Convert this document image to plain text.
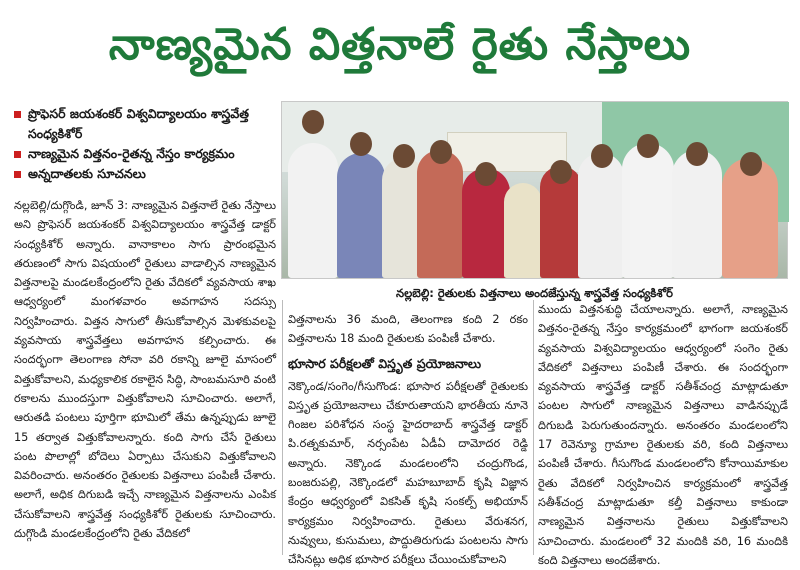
నాణ్యమైన విత్తనాలే రైతు నేస్తాలు
ప్రొఫెసర్ జయశంకర్ విశ్వవిద్యాలయం శాస్త్రవేత్త సంధ్యకిశోర్
నాణ్యమైన విత్తనం-రైతన్న నేస్తం కార్యక్రమం
అన్నదాతలకు సూచనలు

నల్లబెల్లి/దుగ్గొండి, జూన్ 3: నాణ్యమైన విత్తనాలే రైతు నేస్తాలు అని ప్రొఫెసర్ జయశంకర్ విశ్వవిద్యాలయం శాస్త్రవేత్త డాక్టర్ సంధ్యకిశోర్ అన్నారు. వానాకాలం సాగు ప్రారంభమైన తరుణంలో సాగు విషయంలో రైతులు వాడాల్సిన నాణ్యమైన విత్తనాలపై మండలకేంద్రంలోని రైతు వేదికలో వ్యవసాయ శాఖ ఆధ్వర్యంలో మంగళవారం అవగాహన సదస్సు నిర్వహించారు. విత్తన సాగులో తీసుకోవాల్సిన మెళకువలపై వ్యవసాయ శాస్త్రవేత్తలు అవగాహన కల్పించారు. ఈ సందర్భంగా తెలంగాణ సోనా వరి రకాన్ని జూలై మాసంలో విత్తుకోవాలని, మధ్యకాలిక రకాలైన సిద్ధి, సాంబమసూరి వంటి రకాలను ముందస్తుగా విత్తుకోవాలని సూచించారు. అలాగే, ఆరుతడి పంటలు పూర్తిగా భూమిలో తేమ ఉన్నప్పుడు జూలై 15 తర్వాత విత్తుకోవాలన్నారు. కంది సాగు చేసే రైతులు పంట పొలాల్లో బోదెలు ఏర్పాటు చేసుకుని విత్తుకోవాలని వివరించారు. అనంతరం రైతులకు విత్తనాలు పంపిణీ చేశారు. అలాగే, అధిక దిగుబడి ఇచ్చే నాణ్యమైన విత్తనాలను ఎంపిక చేసుకోవాలని శాస్త్రవేత్త సంధ్యకిశోర్ రైతులకు సూచించారు. దుగ్గొండి మండలకేంద్రంలోని రైతు వేదికలో

నల్లబెల్లి: రైతులకు విత్తనాలు అందజేస్తున్న శాస్త్రవేత్త సంధ్యకిశోర్

విత్తనాలను 36 మంది, తెలంగాణ కంది 2 రకం విత్తనాలను 18 మంది రైతులకు పంపిణీ చేశారు.

భూసార పరీక్షలతో విస్తృత ప్రయోజనాలు

నెక్కొండ/సంగెం/గీసుగొండ: భూసార పరీక్షలతో రైతులకు విస్తృత ప్రయోజనాలు చేకూరుతాయని భారతీయ నూనె గింజల పరిశోధన సంస్థ హైదరాబాద్ శాస్త్రవేత్త డాక్టర్ పి.రత్నకుమార్, నర్సంపేట ఏడీఏ దామోదర రెడ్డి అన్నారు. నెక్కొండ మండలంలోని చంద్రుగొండ, బంజరుపల్లి, నెక్కొండలో మహబూబాద్ కృషి విజ్ఞాన కేంద్రం ఆధ్వర్యంలో వికసిత్ కృషి సంకల్ప్ అభియాన్ కార్యక్రమం నిర్వహించారు. రైతులు వేరుశనగ, నువ్వులు, కుసుమలు, పొద్దుతిరుగుడు పంటలను సాగు చేసినట్లు అధిక భూసార పరీక్షలు చేయించుకోవాలని

ముందు విత్తనశుద్ధి చేయాలన్నారు. అలాగే, నాణ్యమైన విత్తనం-రైతన్న నేస్తం కార్యక్రమంలో భాగంగా జయశంకర్ వ్యవసాయ విశ్వవిద్యాలయం ఆధ్వర్యంలో సంగెం రైతు వేదికలో విత్తనాలు పంపిణీ చేశారు. ఈ సందర్భంగా వ్యవసాయ శాస్త్రవేత్త డాక్టర్ సతీశ్‌చంద్ర మాట్లాడుతూ పంటల సాగులో నాణ్యమైన విత్తనాలు వాడినప్పుడే దిగుబడి పెరుగుతుందన్నారు. అనంతరం మండలంలోని 17 రెవెన్యూ గ్రామాల రైతులకు వరి, కంది విత్తనాలు పంపిణీ చేశారు. గీసుగొండ మండలంలోని కోనాయిమాకుల రైతు వేదికలో నిర్వహించిన కార్యక్రమంలో శాస్త్రవేత్త సతీశ్‌చంద్ర మాట్లాడుతూ కల్తీ విత్తనాలు కాకుండా నాణ్యమైన విత్తనాలను రైతులు విత్తుకోవాలని సూచించారు. మండలంలో 32 మందికి వరి, 16 మందికి కంది విత్తనాలు అందజేశారు.
